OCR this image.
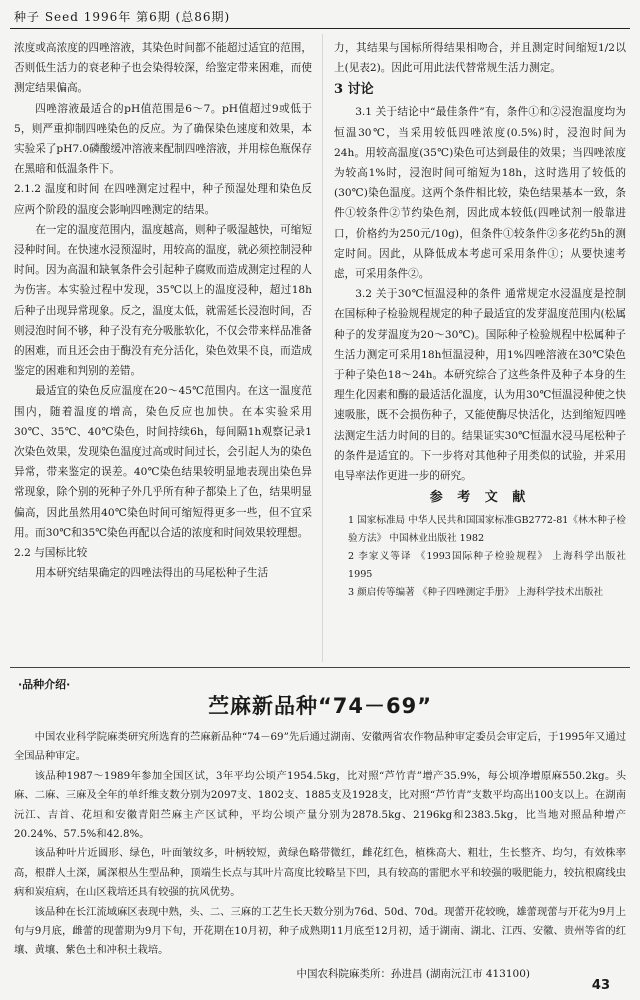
种子 Seed 1996年 第6期 (总86期)

浓度或高浓度的四唑溶液，其染色时间都不能超过适宜的范围，否则低生活力的衰老种子也会染得较深，给鉴定带来困难，而使测定结果偏高。

四唑溶液最适合的pH值范围是6～7。pH值超过9或低于5，则严重抑制四唑染色的反应。为了确保染色速度和效果，本实验采了pH7.0磷酸缓冲溶液来配制四唑溶液，并用棕色瓶保存在黑暗和低温条件下。

2.1.2 温度和时间 在四唑测定过程中，种子预湿处理和染色反应两个阶段的温度会影响四唑测定的结果。

在一定的温度范围内，温度越高，则种子吸湿越快，可缩短浸种时间。在快速水浸预湿时，用较高的温度，就必须控制浸种时间。因为高温和缺氧条件会引起种子腐败而造成测定过程的人为伤害。本实验过程中发现，35℃以上的温度浸种，超过18h后种子出现异常现象。反之，温度太低，就需延长浸泡时间，否则浸泡时间不够，种子没有充分吸胀软化，不仅会带来样品准备的困难，而且还会由于酶没有充分活化，染色效果不良，而造成鉴定的困难和判别的差错。

最适宜的染色反应温度在20～45℃范围内。在这一温度范围内，随着温度的增高，染色反应也加快。在本实验采用30℃、35℃、40℃染色，时间持续6h，每间隔1h观察记录1次染色效果，发现染色温度过高或时间过长，会引起人为的染色异常，带来鉴定的误差。40℃染色结果较明显地表现出染色异常现象，除个别的死种子外几乎所有种子都染上了色，结果明显偏高，因此虽然用40℃染色时间可缩短得更多一些，但不宜采用。而30℃和35℃染色再配以合适的浓度和时间效果较理想。

2.2 与国标比较

用本研究结果确定的四唑法得出的马尾松种子生活

力，其结果与国标所得结果相吻合，并且测定时间缩短1/2以上(见表2)。因此可用此法代替常规生活力测定。

3 讨论

3.1 关于结论中“最佳条件”有，条件①和②浸泡温度均为恒温30℃，当采用较低四唑浓度(0.5%)时，浸泡时间为24h。用较高温度(35℃)染色可达到最佳的效果；当四唑浓度为较高1%时，浸泡时间可缩短为18h，这时选用了较低的(30℃)染色温度。这两个条件相比较，染色结果基本一致，条件①较条件②节约染色剂，因此成本较低(四唑试剂一般靠进口，价格约为250元/10g)，但条件①较条件②多花约5h的测定时间。因此，从降低成本考虑可采用条件①；从要快速考虑，可采用条件②。

3.2 关于30℃恒温浸种的条件 通常规定水浸温度是控制在国标种子检验规程规定的种子最适宜的发芽温度范围内(松属种子的发芽温度为20～30℃)。国际种子检验规程中松属种子生活力测定可采用18h恒温浸种，用1%四唑溶液在30℃染色于种子染色18～24h。本研究综合了这些条件及种子本身的生理生化因素和酶的最适活化温度，认为用30℃恒温浸种使之快速吸胀，既不会损伤种子，又能使酶尽快活化，达到缩短四唑法测定生活力时间的目的。结果证实30℃恒温水浸马尾松种子的条件是适宜的。下一步将对其他种子用类似的试验，并采用电导率法作更进一步的研究。

参 考 文 献

1 国家标准局 中华人民共和国国家标准GB2772-81《林木种子检验方法》 中国林业出版社 1982

2 李家义等译 《1993国际种子检验规程》 上海科学出版社 1995

3 颜启传等编著 《种子四唑测定手册》 上海科学技术出版社

·品种介绍·
苎麻新品种“74－69”

中国农业科学院麻类研究所选育的苎麻新品种“74－69”先后通过湖南、安徽两省农作物品种审定委员会审定后，于1995年又通过全国品种审定。

该品种1987～1989年参加全国区试，3年平均公顷产1954.5kg，比对照“芦竹青”增产35.9%，每公顷净增原麻550.2kg。头麻、二麻、三麻及全年的单纤维支数分别为2097支、1802支、1885支及1928支，比对照“芦竹青”支数平均高出100支以上。在湖南沅江、吉首、花垣和安徽青阳苎麻主产区试种，平均公顷产量分别为2878.5kg、2196kg和2383.5kg，比当地对照品种增产20.24%、57.5%和42.8%。

该品种叶片近圆形、绿色，叶面皱纹多，叶柄较短，黄绿色略带微红，雌花红色，植株高大、粗壮，生长整齐、均匀，有效株率高，根群人土深，属深根丛生型品种，顶端生长点与其叶片高度比较略呈下凹，具有较高的雷肥水平和较强的吸肥能力，较抗根腐线虫病和炭疽病，在山区栽培还具有较强的抗风优势。

该品种在长江流域麻区表现中熟，头、二、三麻的工艺生长天数分别为76d、50d、70d。现蕾开花较晚，雄蕾现蕾与开花为9月上旬与9月底，雌蕾的现蕾期为9月下旬，开花期在10月初，种子成熟期11月底至12月初，适于湖南、湖北、江西、安徽、贵州等省的红壤、黄壤、紫色土和冲积土栽培。

中国农科院麻类所：孙进昌 (湖南沅江市 413100)
43
